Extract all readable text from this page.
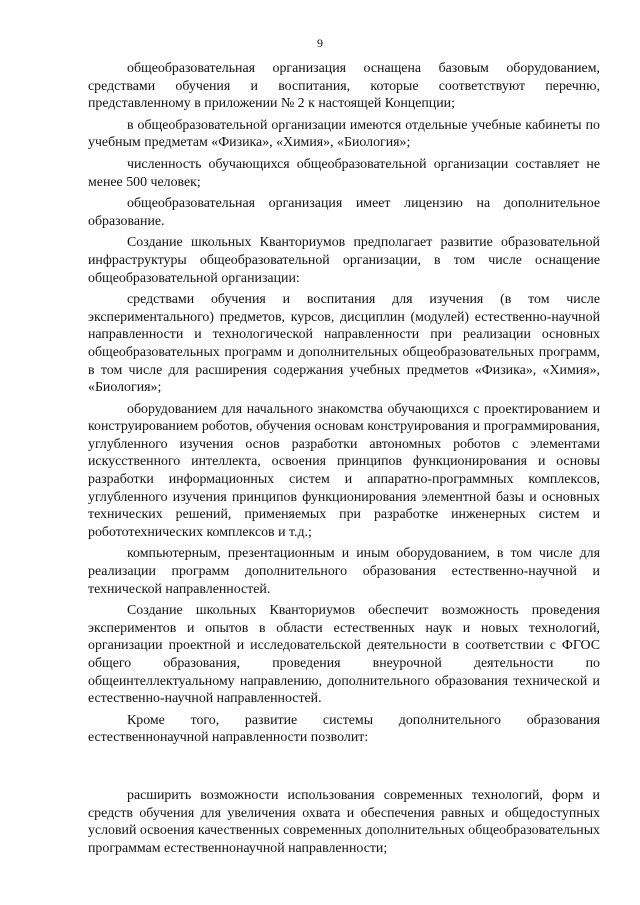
9

общеобразовательная организация оснащена базовым оборудованием, средствами обучения и воспитания, которые соответствуют перечню, представленному в приложении № 2 к настоящей Концепции;

в общеобразовательной организации имеются отдельные учебные кабинеты по учебным предметам «Физика», «Химия», «Биология»;

численность обучающихся общеобразовательной организации составляет не менее 500 человек;

общеобразовательная организация имеет лицензию на дополнительное образование.

Создание школьных Кванториумов предполагает развитие образовательной инфраструктуры общеобразовательной организации, в том числе оснащение общеобразовательной организации:

средствами обучения и воспитания для изучения (в том числе экспериментального) предметов, курсов, дисциплин (модулей) естественно-научной направленности и технологической направленности при реализации основных общеобразовательных программ и дополнительных общеобразовательных программ, в том числе для расширения содержания учебных предметов «Физика», «Химия», «Биология»;

оборудованием для начального знакомства обучающихся с проектированием и конструированием роботов, обучения основам конструирования и программирования, углубленного изучения основ разработки автономных роботов с элементами искусственного интеллекта, освоения принципов функционирования и основы разработки информационных систем и аппаратно-программных комплексов, углубленного изучения принципов функционирования элементной базы и основных технических решений, применяемых при разработке инженерных систем и робототехнических комплексов и т.д.;

компьютерным, презентационным и иным оборудованием, в том числе для реализации программ дополнительного образования естественно-научной и технической направленностей.

Создание школьных Кванториумов обеспечит возможность проведения экспериментов и опытов в области естественных наук и новых технологий, организации проектной и исследовательской деятельности в соответствии с ФГОС общего образования, проведения внеурочной деятельности по общеинтеллектуальному направлению, дополнительного образования технической и естественно-научной направленностей.

Кроме того, развитие системы дополнительного образования естественнонаучной направленности позволит:

расширить возможности использования современных технологий, форм и средств обучения для увеличения охвата и обеспечения равных и общедоступных условий освоения качественных современных дополнительных общеобразовательных программам естественнонаучной направленности;
